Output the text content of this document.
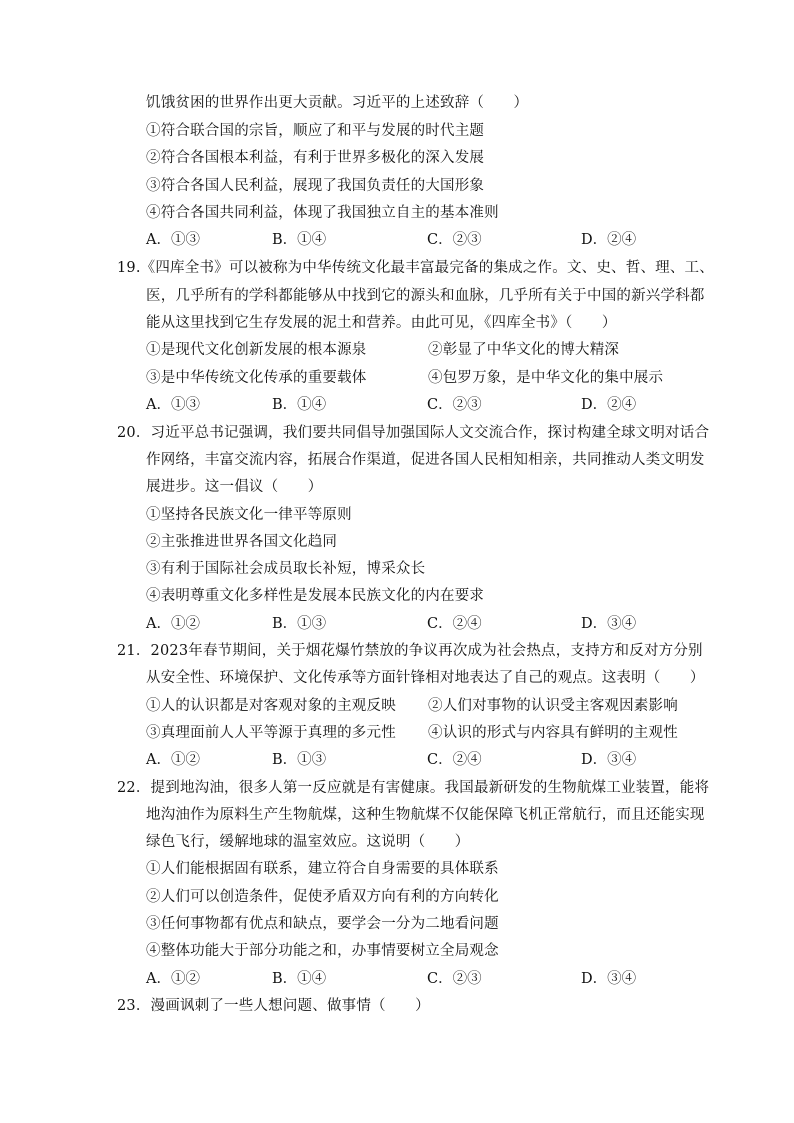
饥饿贫困的世界作出更大贡献。习近平的上述致辞（　　）
①符合联合国的宗旨，顺应了和平与发展的时代主题
②符合各国根本利益，有利于世界多极化的深入发展
③符合各国人民利益，展现了我国负责任的大国形象
④符合各国共同利益，体现了我国独立自主的基本准则
A．①③	B．①④	C．②③	D．②④
19.《四库全书》可以被称为中华传统文化最丰富最完备的集成之作。文、史、哲、理、工、
医，几乎所有的学科都能够从中找到它的源头和血脉，几乎所有关于中国的新兴学科都
能从这里找到它生存发展的泥土和营养。由此可见，《四库全书》（　　）
①是现代文化创新发展的根本源泉	②彰显了中华文化的博大精深
③是中华传统文化传承的重要载体	④包罗万象，是中华文化的集中展示
A．①③	B．①④	C．②③	D．②④
20．习近平总书记强调，我们要共同倡导加强国际人文交流合作，探讨构建全球文明对话合
作网络，丰富交流内容，拓展合作渠道，促进各国人民相知相亲，共同推动人类文明发
展进步。这一倡议（　　）
①坚持各民族文化一律平等原则
②主张推进世界各国文化趋同
③有利于国际社会成员取长补短，博采众长
④表明尊重文化多样性是发展本民族文化的内在要求
A．①②	B．①③	C．②④	D．③④
21．2023年春节期间，关于烟花爆竹禁放的争议再次成为社会热点，支持方和反对方分别
从安全性、环境保护、文化传承等方面针锋相对地表达了自己的观点。这表明（　　）
①人的认识都是对客观对象的主观反映 ②人们对事物的认识受主客观因素影响
③真理面前人人平等源于真理的多元性 ④认识的形式与内容具有鲜明的主观性
A．①②	B．①③	C．②④	D．③④
22．提到地沟油，很多人第一反应就是有害健康。我国最新研发的生物航煤工业装置，能将
地沟油作为原料生产生物航煤，这种生物航煤不仅能保障飞机正常航行，而且还能实现
绿色飞行，缓解地球的温室效应。这说明（　　）
①人们能根据固有联系，建立符合自身需要的具体联系
②人们可以创造条件，促使矛盾双方向有利的方向转化
③任何事物都有优点和缺点，要学会一分为二地看问题
④整体功能大于部分功能之和，办事情要树立全局观念
A．①②	B．①④	C．②③	D．③④
23．漫画讽刺了一些人想问题、做事情（　　）
